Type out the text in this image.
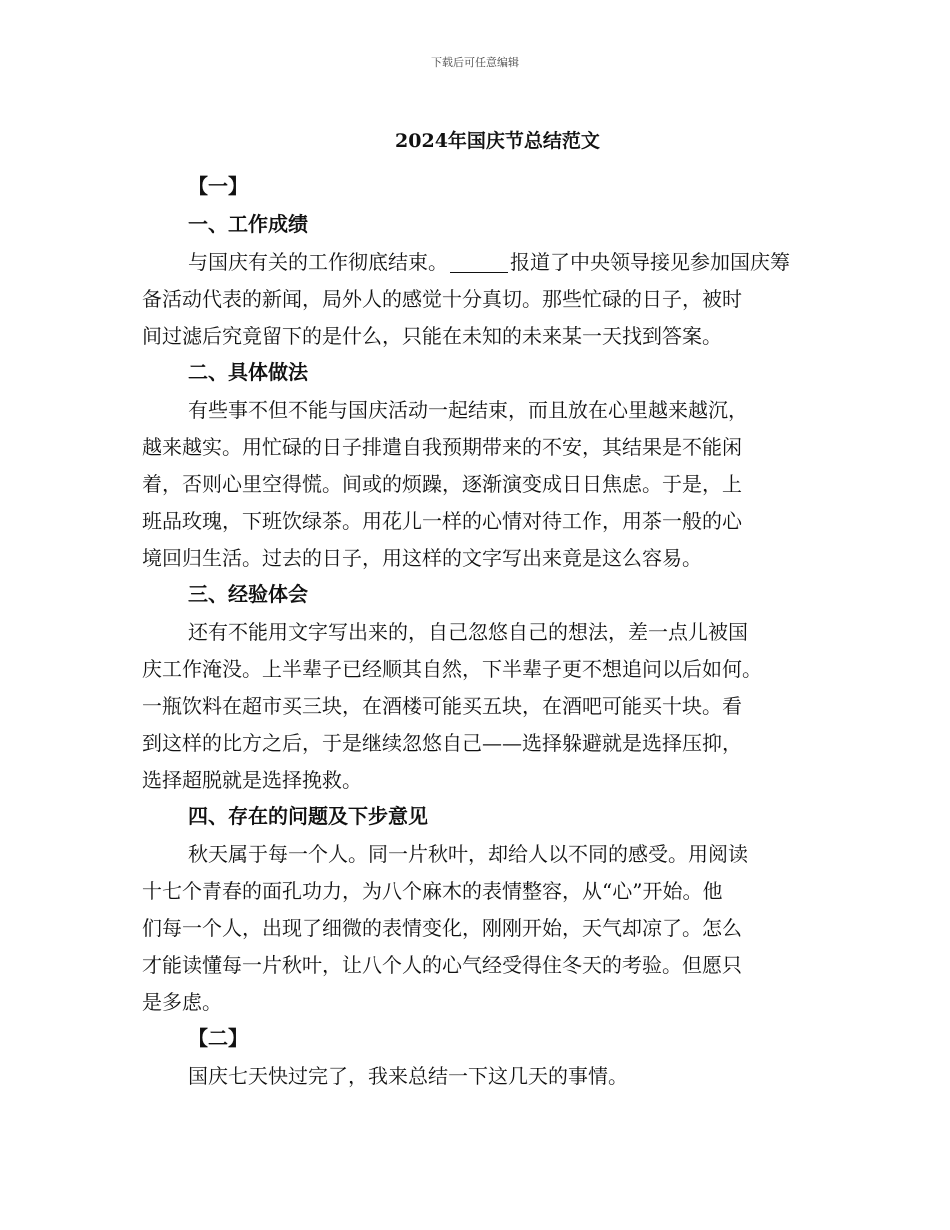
下载后可任意编辑
2024年国庆节总结范文
【一】
一、工作成绩
与国庆有关的工作彻底结束。	报道了中央领导接见参加国庆筹
备活动代表的新闻，局外人的感觉十分真切。那些忙碌的日子，被时
间过滤后究竟留下的是什么，只能在未知的未来某一天找到答案。
二、具体做法
有些事不但不能与国庆活动一起结束，而且放在心里越来越沉，
越来越实。用忙碌的日子排遣自我预期带来的不安，其结果是不能闲
着，否则心里空得慌。间或的烦躁，逐渐演变成日日焦虑。于是，上
班品玫瑰，下班饮绿茶。用花儿一样的心情对待工作，用茶一般的心
境回归生活。过去的日子，用这样的文字写出来竟是这么容易。
三、经验体会
还有不能用文字写出来的，自己忽悠自己的想法，差一点儿被国
庆工作淹没。上半辈子已经顺其自然，下半辈子更不想追问以后如何。
一瓶饮料在超市买三块，在酒楼可能买五块，在酒吧可能买十块。看
到这样的比方之后，于是继续忽悠自己——选择躲避就是选择压抑，
选择超脱就是选择挽救。
四、存在的问题及下步意见
秋天属于每一个人。同一片秋叶，却给人以不同的感受。用阅读
十七个青春的面孔功力，为八个麻木的表情整容，从“心”开始。他
们每一个人，出现了细微的表情变化，刚刚开始，天气却凉了。怎么
才能读懂每一片秋叶，让八个人的心气经受得住冬天的考验。但愿只
是多虑。
【二】
国庆七天快过完了，我来总结一下这几天的事情。
